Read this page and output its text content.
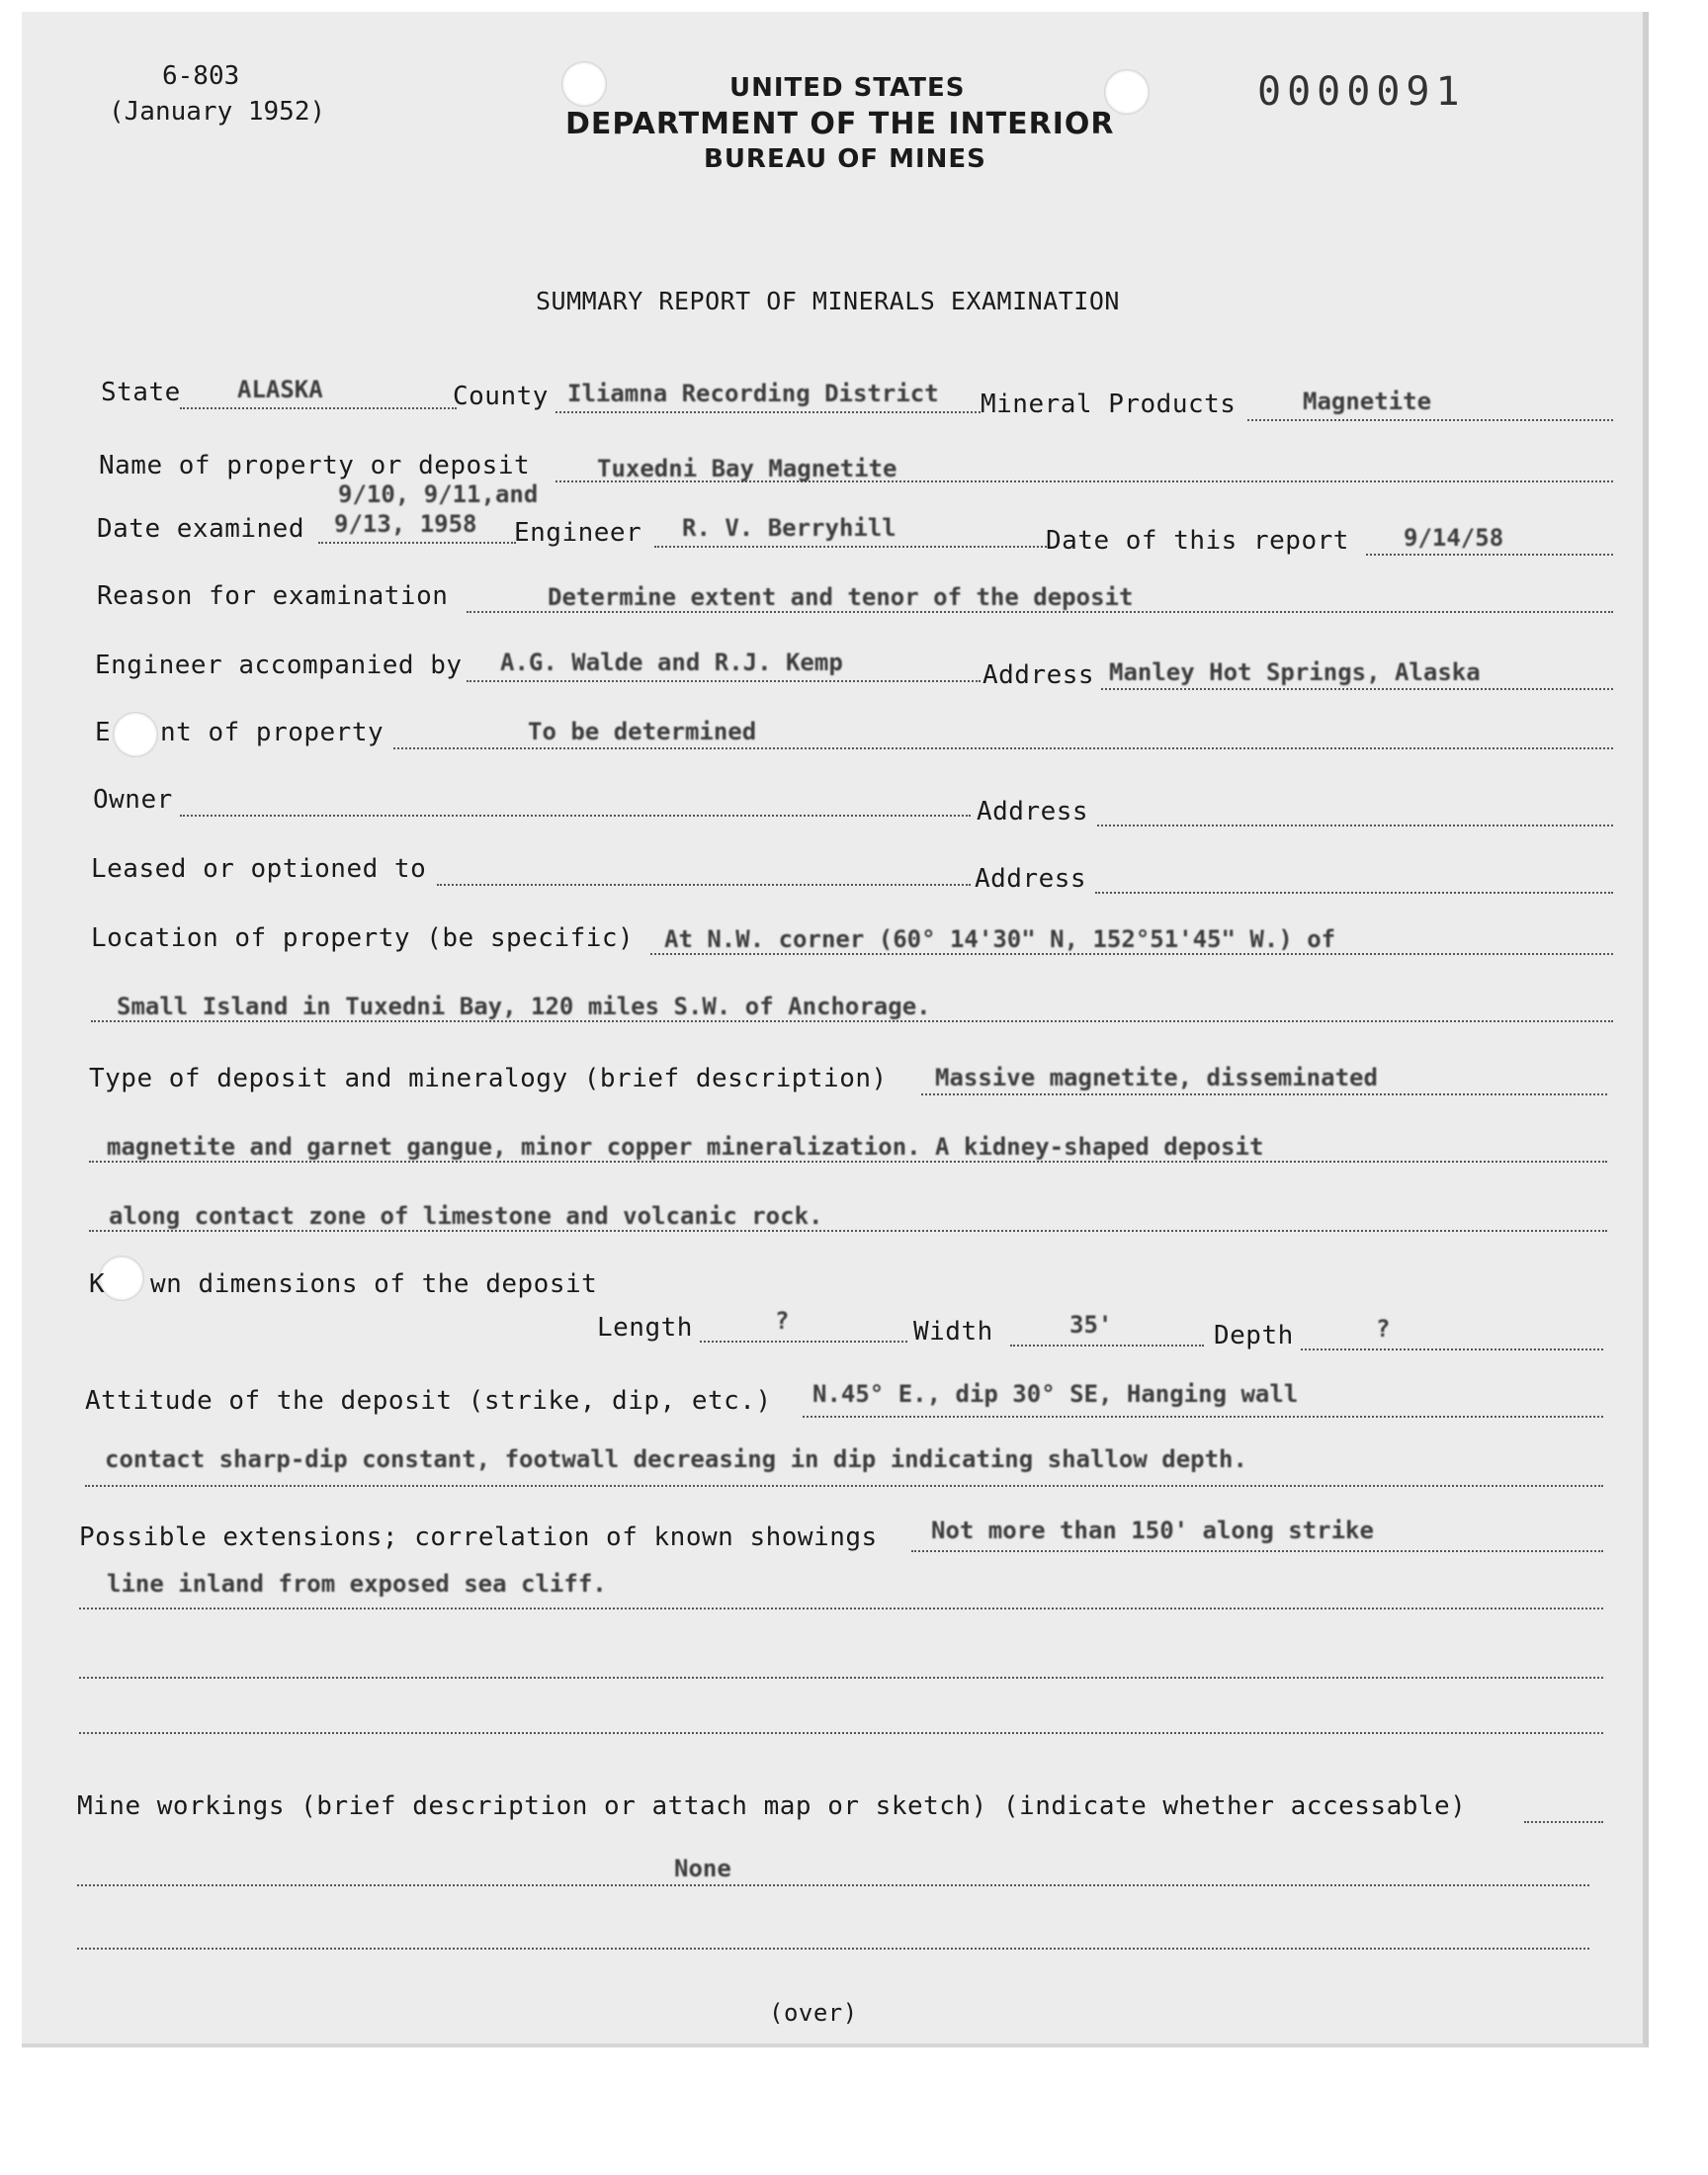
6-803
(January 1952)
UNITED STATES
DEPARTMENT OF THE INTERIOR
BUREAU OF MINES
0000091
SUMMARY REPORT OF MINERALS EXAMINATION
State ALASKA	County Iliamna Recording District Mineral Products	Magnetite
Name of property or deposit	Tuxedni Bay Magnetite
9/10, 9/11,and
Date examined 9/13, 1958 Engineer R. V. Berryhill	Date of this report 9/14/58
Reason for examination	Determine extent and tenor of the deposit
Engineer accompanied by A.G. Walde and R.J. Kemp	Address Manley Hot Springs, Alaska
E nt of property	To be determined
Owner	Address
Leased or optioned to	Address
Location of property (be specific) At N.W. corner (60° 14'30" N, 152°51'45" W.) of
Small Island in Tuxedni Bay, 120 miles S.W. of Anchorage.
Type of deposit and mineralogy (brief description) Massive magnetite, disseminated
magnetite and garnet gangue, minor copper mineralization. A kidney-shaped deposit
along contact zone of limestone and volcanic rock.
K wn dimensions of the deposit
Length	?	Width	35'	Depth	?
Attitude of the deposit (strike, dip, etc.) N.45° E., dip 30° SE, Hanging wall
contact sharp-dip constant, footwall decreasing in dip indicating shallow depth.
Possible extensions; correlation of known showings Not more than 150' along strike
line inland from exposed sea cliff.
Mine workings (brief description or attach map or sketch) (indicate whether accessable)
None
(over)
